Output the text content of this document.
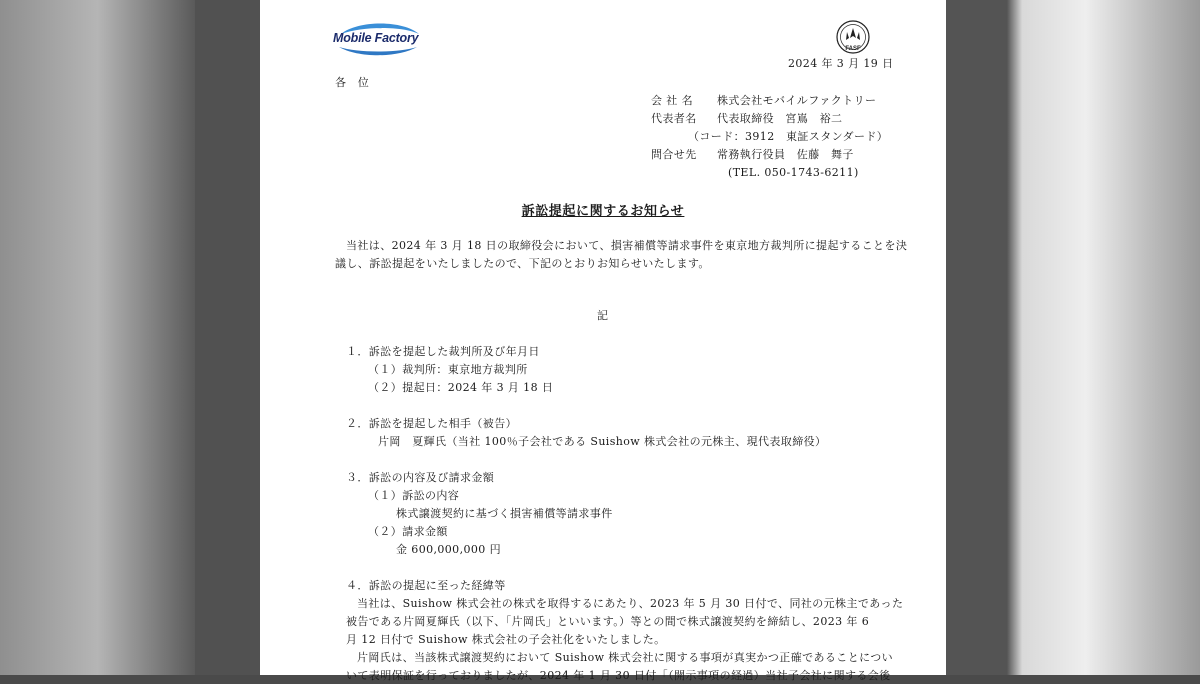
Mobile Factory
FASF
2024 年 3 月 19 日
各　位
会 社 名 株式会社モバイルファクトリー
代表者名 代表取締役　宮嶌　裕二
（コード：3912　東証スタンダード）
問合せ先 常務執行役員　佐藤　舞子
(TEL. 050-1743-6211)
訴訟提起に関するお知らせ
当社は、2024 年 3 月 18 日の取締役会において、損害補償等請求事件を東京地方裁判所に提起することを決
議し、訴訟提起をいたしましたので、下記のとおりお知らせいたします。
記
１．訴訟を提起した裁判所及び年月日
（１）裁判所：東京地方裁判所
（２）提起日：2024 年 3 月 18 日
２．訴訟を提起した相手（被告）
片岡　夏輝氏（当社 100％子会社である Suishow 株式会社の元株主、現代表取締役）
３．訴訟の内容及び請求金額
（１）訴訟の内容
株式譲渡契約に基づく損害補償等請求事件
（２）請求金額
金 600,000,000 円
４．訴訟の提起に至った経緯等
当社は、Suishow 株式会社の株式を取得するにあたり、2023 年 5 月 30 日付で、同社の元株主であった
被告である片岡夏輝氏（以下、「片岡氏」といいます。）等との間で株式譲渡契約を締結し、2023 年 6
月 12 日付で Suishow 株式会社の子会社化をいたしました。
片岡氏は、当該株式譲渡契約において Suishow 株式会社に関する事項が真実かつ正確であることについ
いて表明保証を行っておりましたが、2024 年 1 月 30 日付「（開示事項の経過）当社子会社に関する会後
